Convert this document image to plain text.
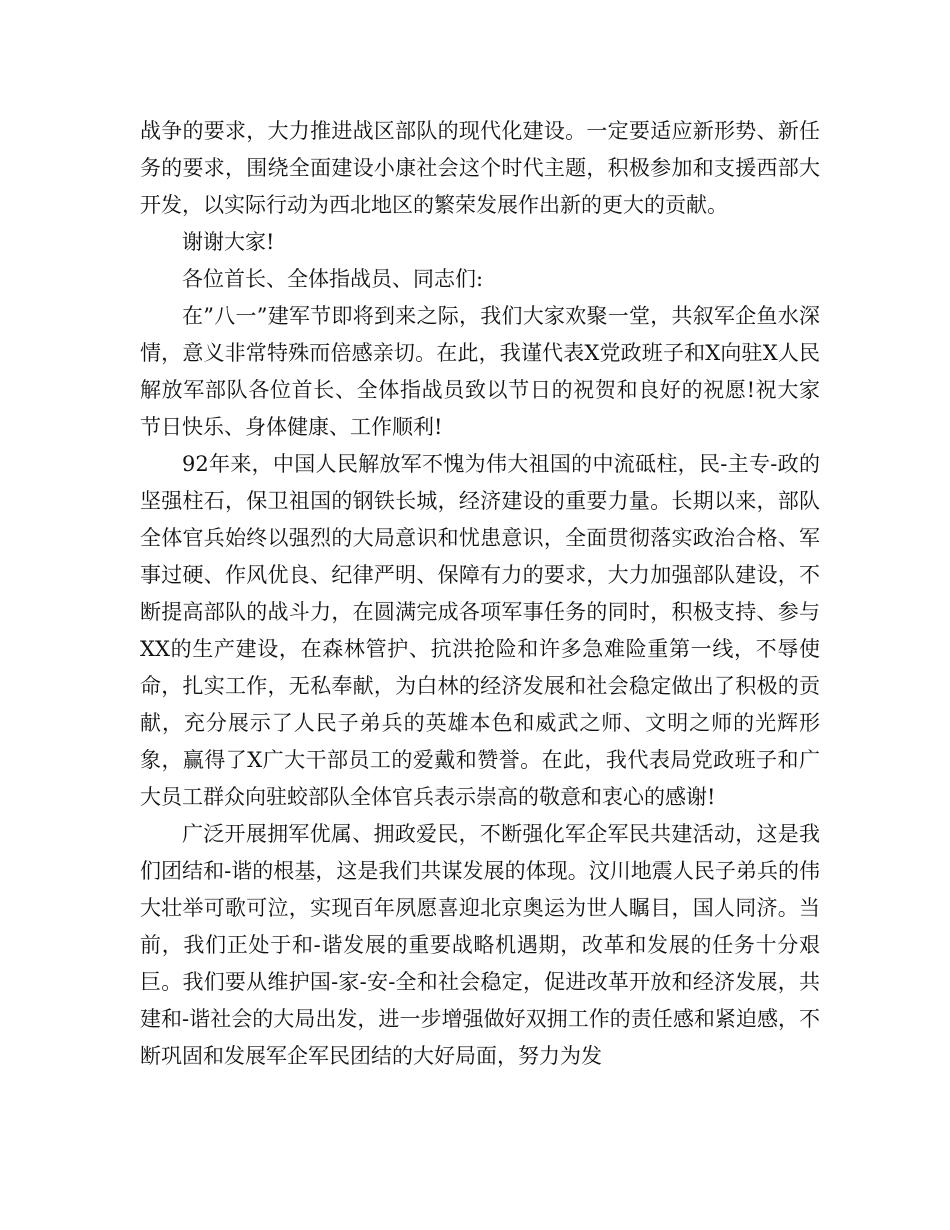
战争的要求，大力推进战区部队的现代化建设。一定要适应新形势、新任务的要求，围绕全面建设小康社会这个时代主题，积极参加和支援西部大开发，以实际行动为西北地区的繁荣发展作出新的更大的贡献。

谢谢大家!

各位首长、全体指战员、同志们:

在”八一”建军节即将到来之际，我们大家欢聚一堂，共叙军企鱼水深情，意义非常特殊而倍感亲切。在此，我谨代表X党政班子和X向驻X人民解放军部队各位首长、全体指战员致以节日的祝贺和良好的祝愿!祝大家节日快乐、身体健康、工作顺利!

92年来，中国人民解放军不愧为伟大祖国的中流砥柱，民-主专-政的坚强柱石，保卫祖国的钢铁长城，经济建设的重要力量。长期以来，部队全体官兵始终以强烈的大局意识和忧患意识，全面贯彻落实政治合格、军事过硬、作风优良、纪律严明、保障有力的要求，大力加强部队建设，不断提高部队的战斗力，在圆满完成各项军事任务的同时，积极支持、参与XX的生产建设，在森林管护、抗洪抢险和许多急难险重第一线，不辱使命，扎实工作，无私奉献，为白林的经济发展和社会稳定做出了积极的贡献，充分展示了人民子弟兵的英雄本色和威武之师、文明之师的光辉形象，赢得了X广大干部员工的爱戴和赞誉。在此，我代表局党政班子和广大员工群众向驻蛟部队全体官兵表示崇高的敬意和衷心的感谢!

广泛开展拥军优属、拥政爱民，不断强化军企军民共建活动，这是我们团结和-谐的根基，这是我们共谋发展的体现。汶川地震人民子弟兵的伟大壮举可歌可泣，实现百年夙愿喜迎北京奥运为世人瞩目，国人同济。当前，我们正处于和-谐发展的重要战略机遇期，改革和发展的任务十分艰巨。我们要从维护国-家-安-全和社会稳定，促进改革开放和经济发展，共建和-谐社会的大局出发，进一步增强做好双拥工作的责任感和紧迫感，不断巩固和发展军企军民团结的大好局面，努力为发
